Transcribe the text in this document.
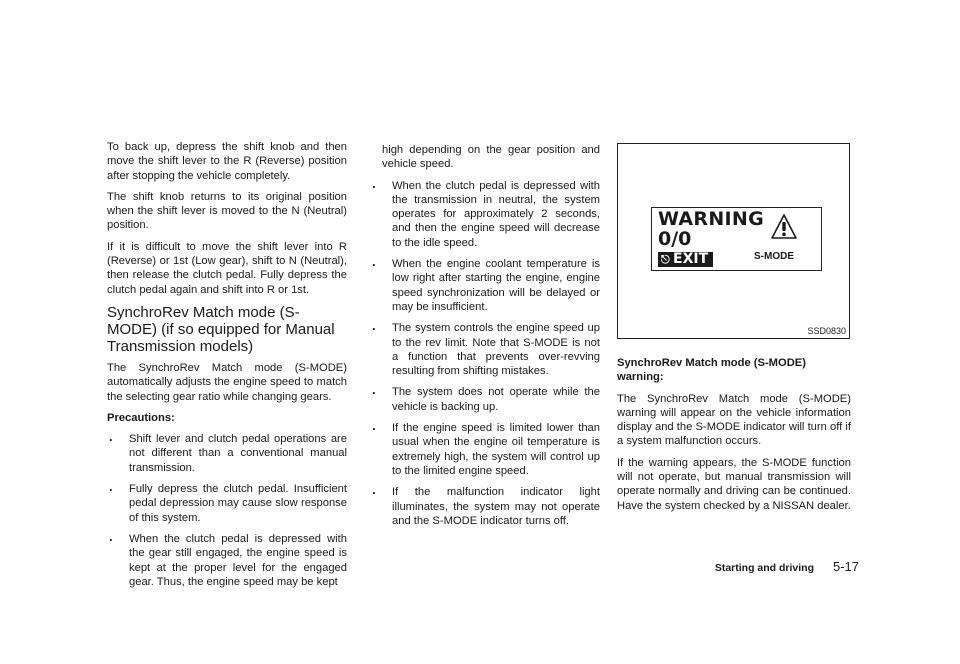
To back up, depress the shift knob and then move the shift lever to the R (Reverse) position after stopping the vehicle completely.

The shift knob returns to its original position when the shift lever is moved to the N (Neutral) position.

If it is difficult to move the shift lever into R (Reverse) or 1st (Low gear), shift to N (Neutral), then release the clutch pedal. Fully depress the clutch pedal again and shift into R or 1st.

SynchroRev Match mode (S-MODE) (if so equipped for Manual Transmission models)

The SynchroRev Match mode (S-MODE) automatically adjusts the engine speed to match the selecting gear ratio while changing gears.

Precautions:
. Shift lever and clutch pedal operations are not different than a conventional manual transmission.
. Fully depress the clutch pedal. Insufficient pedal depression may cause slow response of this system.
. When the clutch pedal is depressed with the gear still engaged, the engine speed is kept at the proper level for the engaged gear. Thus, the engine speed may be kept

high depending on the gear position and vehicle speed.

. When the clutch pedal is depressed with the transmission in neutral, the system operates for approximately 2 seconds, and then the engine speed will decrease to the idle speed.
. When the engine coolant temperature is low right after starting the engine, engine speed synchronization will be delayed or may be insufficient.
. The system controls the engine speed up to the rev limit. Note that S-MODE is not a function that prevents over-revving resulting from shifting mistakes.
. The system does not operate while the vehicle is backing up.
. If the engine speed is limited lower than usual when the engine oil temperature is extremely high, the system will control up to the limited engine speed.
. If the malfunction indicator light illuminates, the system may not operate and the S-MODE indicator turns off.
WARNING
0/0
⎋ EXIT	S-MODE
SSD0830
SynchroRev Match mode (S-MODE) warning:

The SynchroRev Match mode (S-MODE) warning will appear on the vehicle information display and the S-MODE indicator will turn off if a system malfunction occurs.

If the warning appears, the S-MODE function will not operate, but manual transmission will operate normally and driving can be continued. Have the system checked by a NISSAN dealer.

Starting and driving 5-17
